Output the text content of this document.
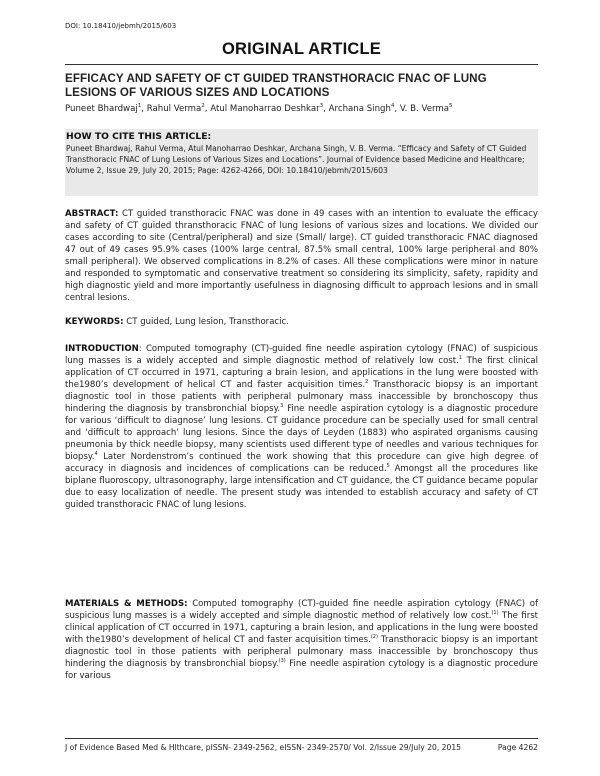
DOI: 10.18410/jebmh/2015/603
ORIGINAL ARTICLE
EFFICACY AND SAFETY OF CT GUIDED TRANSTHORACIC FNAC OF LUNG LESIONS OF VARIOUS SIZES AND LOCATIONS
Puneet Bhardwaj$^1$, Rahul Verma$^2$, Atul Manoharrao Deshkar$^3$, Archana Singh$^4$, V. B. Verma$^5$
HOW TO CITE THIS ARTICLE:
Puneet Bhardwaj, Rahul Verma, Atul Manoharrao Deshkar, Archana Singh, V. B. Verma. “Efficacy and Safety of CT Guided Transthoracic FNAC of Lung Lesions of Various Sizes and Locations”. Journal of Evidence based Medicine and Healthcare; Volume 2, Issue 29, July 20, 2015; Page: 4262-4266, DOI: 10.18410/jebmh/2015/603

ABSTRACT: CT guided transthoracic FNAC was done in 49 cases with an intention to evaluate the efficacy and safety of CT guided thransthoracic FNAC of lung lesions of various sizes and locations. We divided our cases according to site (Central/peripheral) and size (Small/ large). CT guided transthoracic FNAC diagnosed 47 out of 49 cases 95.9% cases (100% large central, 87.5% small central, 100% large peripheral and 80% small peripheral). We observed complications in 8.2% of cases. All these complications were minor in nature and responded to symptomatic and conservative treatment so considering its simplicity, safety, rapidity and high diagnostic yield and more importantly usefulness in diagnosing difficult to approach lesions and in small central lesions.

KEYWORDS: CT guided, Lung lesion, Transthoracic.

INTRODUCTION: Computed tomography (CT)-guided fine needle aspiration cytology (FNAC) of suspicious lung masses is a widely accepted and simple diagnostic method of relatively low cost.$^1$ The first clinical application of CT occurred in 1971, capturing a brain lesion, and applications in the lung were boosted with the1980’s development of helical CT and faster acquisition times.$^2$ Transthoracic biopsy is an important diagnostic tool in those patients with peripheral pulmonary mass inaccessible by bronchoscopy thus hindering the diagnosis by transbronchial biopsy.$^3$ Fine needle aspiration cytology is a diagnostic procedure for various ‘difficult to diagnose’ lung lesions. CT guidance procedure can be specially used for small central and ‘difficult to approach’ lung lesions. Since the days of Leyden (1883) who aspirated organisms causing pneumonia by thick needle biopsy, many scientists used different type of needles and various techniques for biopsy.$^4$ Later Nordenstrom’s continued the work showing that this procedure can give high degree of accuracy in diagnosis and incidences of complications can be reduced.$^5$ Amongst all the procedures like biplane fluoroscopy, ultrasonography, large intensification and CT guidance, the CT guidance became popular due to easy localization of needle. The present study was intended to establish accuracy and safety of CT guided transthoracic FNAC of lung lesions.

MATERIALS & METHODS: Computed tomography (CT)-guided fine needle aspiration cytology (FNAC) of suspicious lung masses is a widely accepted and simple diagnostic method of relatively low cost.$^{(1)}$ The first clinical application of CT occurred in 1971, capturing a brain lesion, and applications in the lung were boosted with the1980’s development of helical CT and faster acquisition times.$^{(2)}$ Transthoracic biopsy is an important diagnostic tool in those patients with peripheral pulmonary mass inaccessible by bronchoscopy thus hindering the diagnosis by transbronchial biopsy.$^{(3)}$ Fine needle aspiration cytology is a diagnostic procedure for various

J of Evidence Based Med & Hlthcare, pISSN- 2349-2562, eISSN- 2349-2570/ Vol. 2/Issue 29/July 20, 2015	Page 4262
